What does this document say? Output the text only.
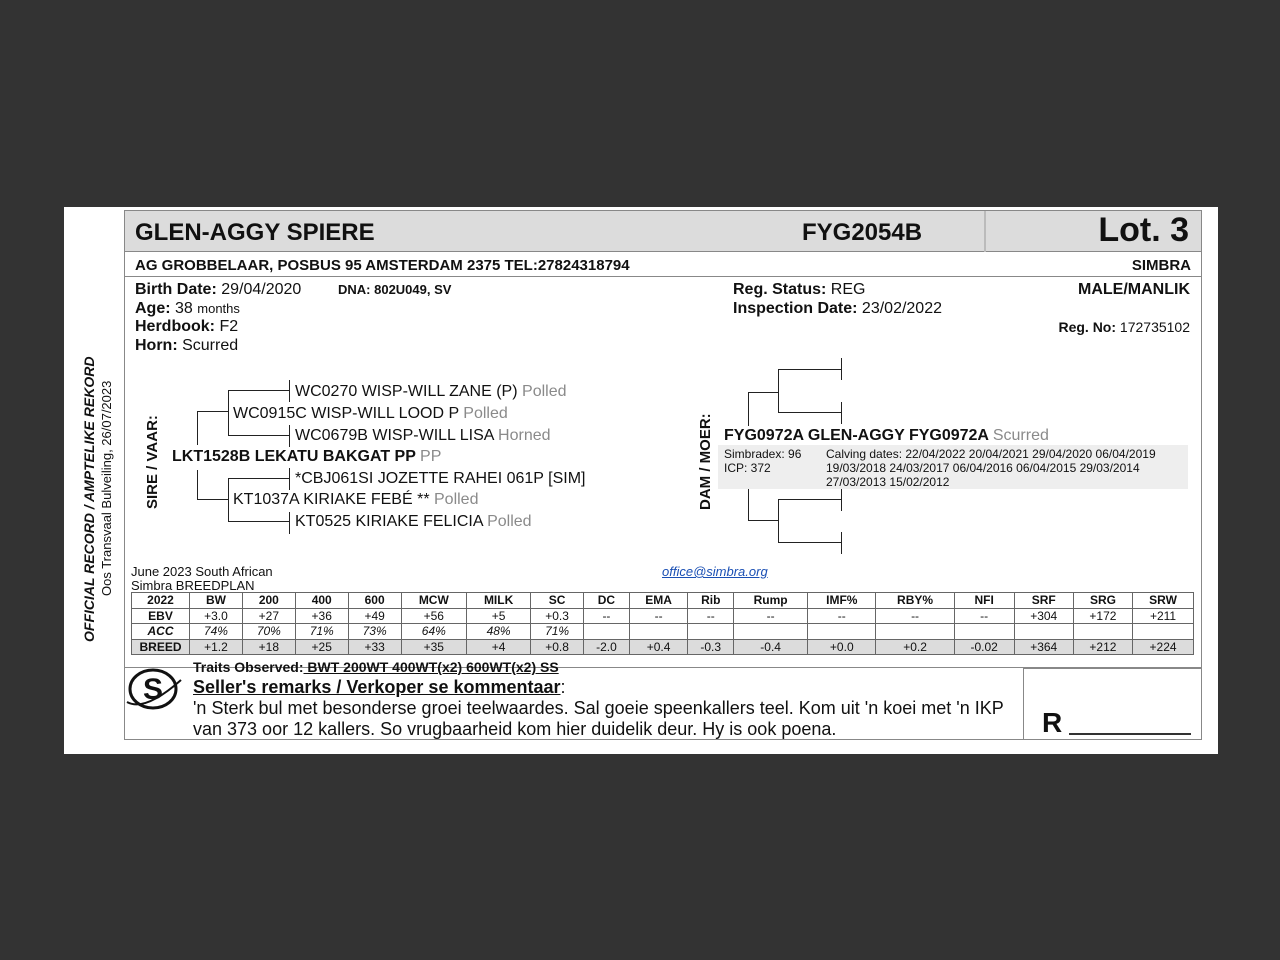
OFFICIAL RECORD / AMPTELIKE REKORD Oos Transvaal Bulveiling, 26/07/2023
GLEN-AGGY SPIERE	FYG2054B	Lot. 3
AG GROBBELAAR, POSBUS 95 AMSTERDAM 2375 TEL:27824318794	SIMBRA
Birth Date: 29/04/2020	DNA: 802U049, SV
Age: 38 months
Herdbook: F2
Horn: Scurred
Reg. Status: REG
Inspection Date: 23/02/2022
MALE/MANLIK
Reg. No: 172735102
SIRE / VAAR:
WC0270 WISP-WILL ZANE (P) Polled
WC0915C WISP-WILL LOOD P Polled
WC0679B WISP-WILL LISA Horned
LKT1528B LEKATU BAKGAT PP PP
*CBJ061SI JOZETTE RAHEI 061P [SIM]
KT1037A KIRIAKE FEBÉ ** Polled
KT0525 KIRIAKE FELICIA Polled
DAM / MOER: FYG0972A GLEN-AGGY FYG0972A Scurred
Simbradex: 96
ICP: 372
Calving dates: 22/04/2022 20/04/2021 29/04/2020 06/04/2019
19/03/2018 24/03/2017 06/04/2016 06/04/2015 29/03/2014
27/03/2013 15/02/2012
June 2023 South African
Simbra BREEDPLAN
office@simbra.org
2022	BW	200	400	600	MCW	MILK	SC	DC	EMA	Rib	Rump	IMF%	RBY%	NFI	SRF	SRG	SRW
EBV	+3.0	+27	+36	+49	+56	+5	+0.3	--	--	--	--	--	--	--	+304	+172	+211
ACC	74%	70%	71%	73%	64%	48%	71%										
BREED	+1.2	+18	+25	+33	+35	+4	+0.8	-2.0	+0.4	-0.3	-0.4	+0.0	+0.2	-0.02	+364	+212	+224
R
S
Traits Observed: BWT 200WT 400WT(x2) 600WT(x2) SS
Seller's remarks / Verkoper se kommentaar:
'n Sterk bul met besonderse groei teelwaardes. Sal goeie speenkallers teel. Kom uit 'n koei met 'n IKP van 373 oor 12 kallers. So vrugbaarheid kom hier duidelik deur. Hy is ook poena.
